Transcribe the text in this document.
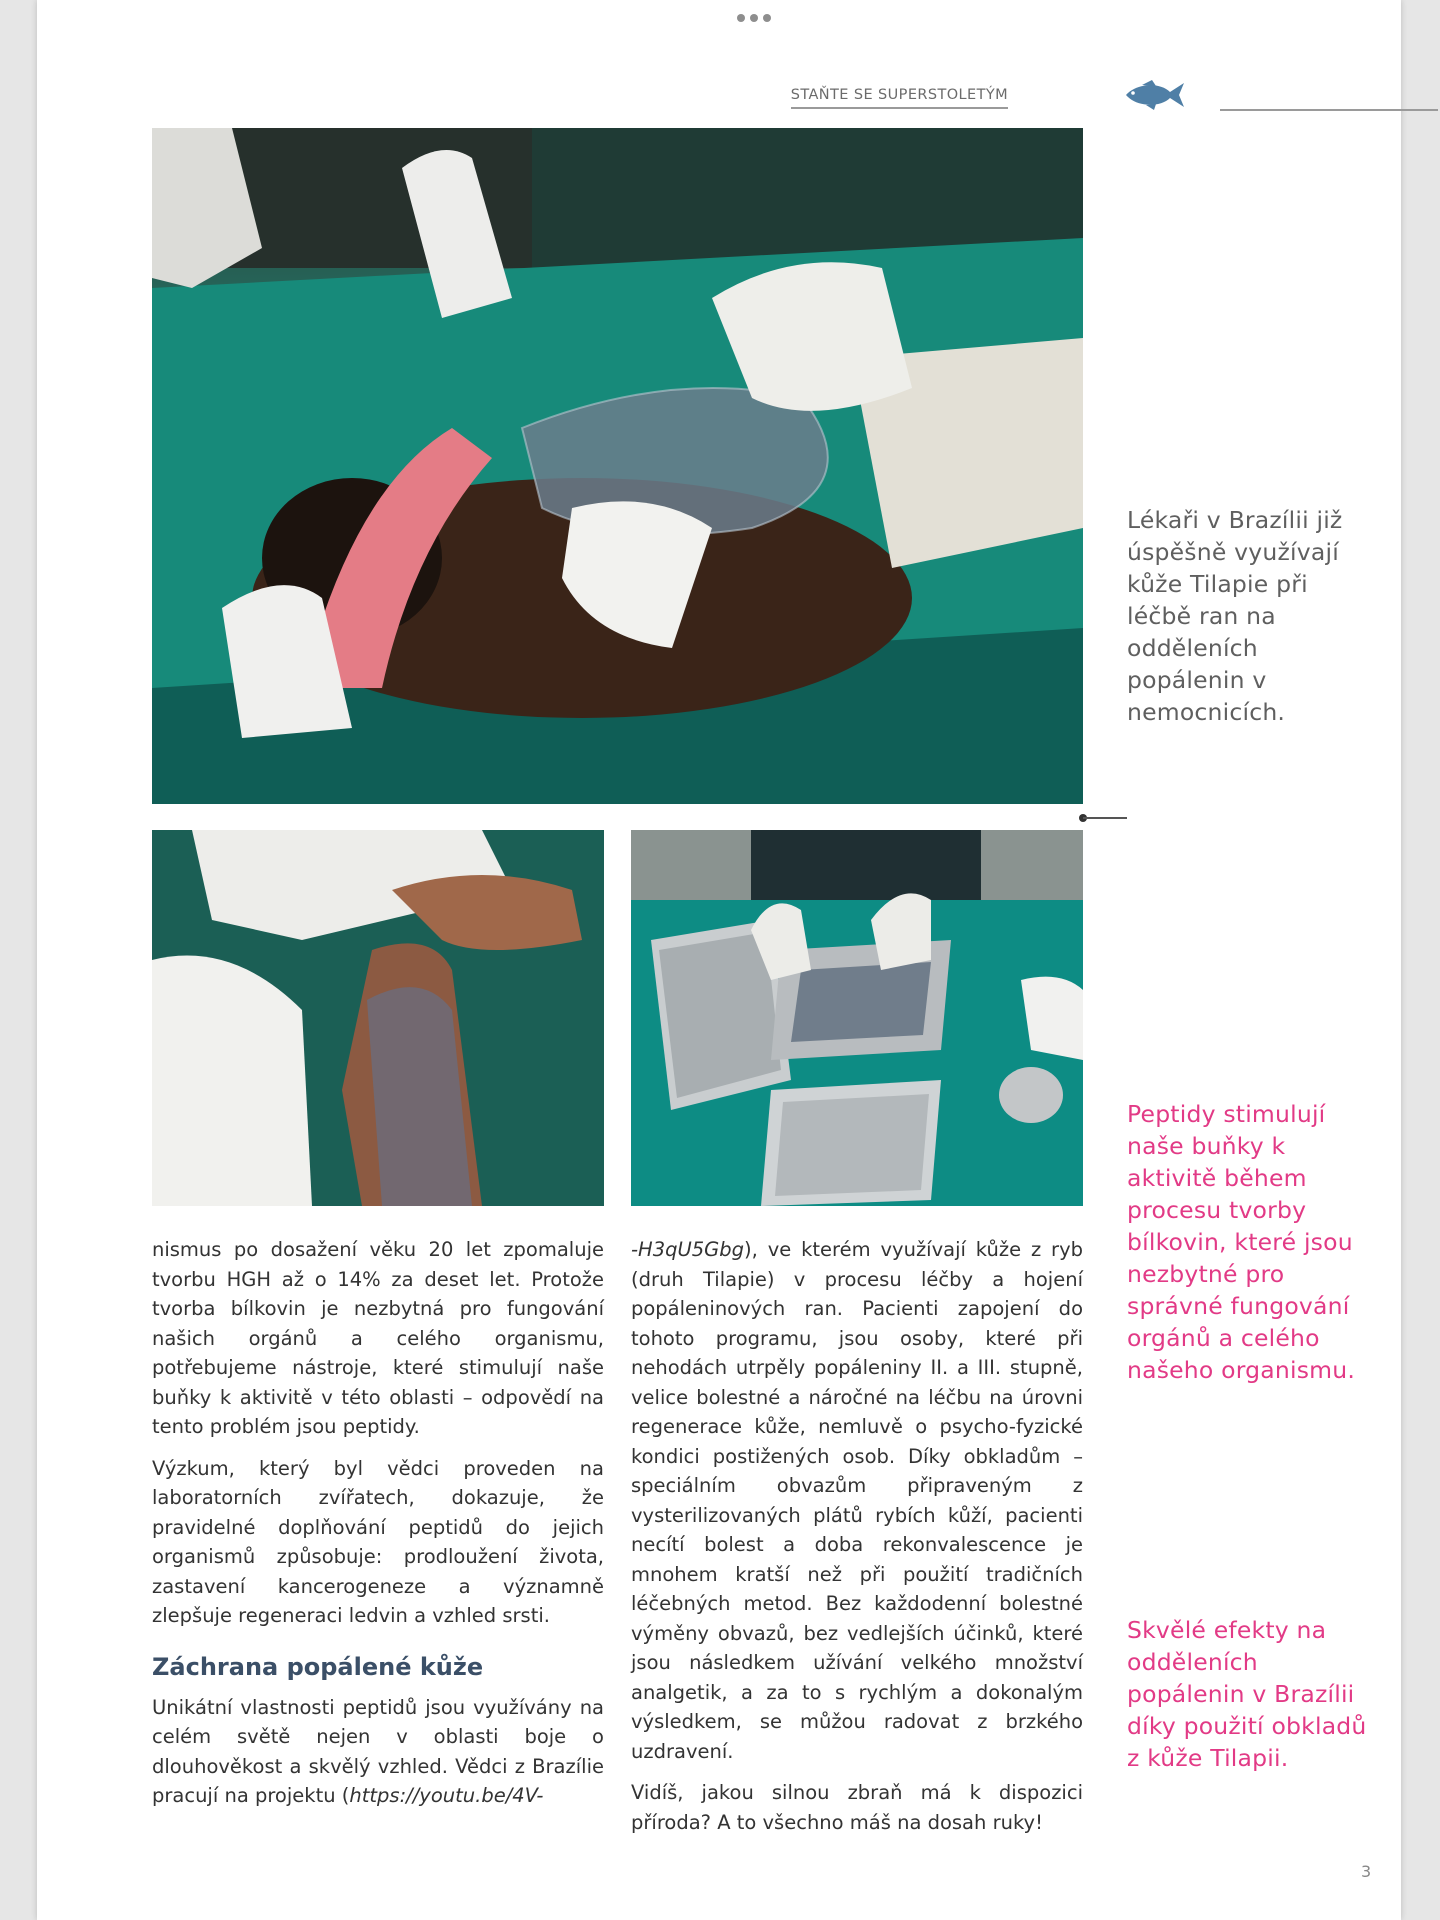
STAŇTE SE SUPERSTOLETÝM
Lékaři v Brazílii již úspěšně využívají kůže Tilapie při léčbě ran na odděleních popálenin v nemocnicích.
Peptidy stimulují naše buňky k aktivitě během procesu tvorby bílkovin, které jsou nezbytné pro správné fungování orgánů a celého našeho organismu.
Skvělé efekty na odděleních popálenin v Brazílii díky použití obkladů z kůže Tilapii.

nismus po dosažení věku 20 let zpomaluje tvorbu HGH až o 14% za deset let. Protože tvorba bílkovin je nezbytná pro fungování našich orgánů a celého organismu, potřebujeme nástroje, které stimulují naše buňky k aktivitě v této oblasti – odpovědí na tento problém jsou peptidy.

Výzkum, který byl vědci proveden na laboratorních zvířatech, dokazuje, že pravidelné doplňování peptidů do jejich organismů způsobuje: prodloužení života, zastavení kancerogeneze a významně zlepšuje regeneraci ledvin a vzhled srsti.

Záchrana popálené kůže

Unikátní vlastnosti peptidů jsou využívány na celém světě nejen v oblasti boje o dlouhověkost a skvělý vzhled. Vědci z Brazílie pracují na projektu (https://youtu.be/4V-

-H3qU5Gbg), ve kterém využívají kůže z ryb (druh Tilapie) v procesu léčby a hojení popáleninových ran. Pacienti zapojení do tohoto programu, jsou osoby, které při nehodách utrpěly popáleniny II. a III. stupně, velice bolestné a náročné na léčbu na úrovni regenerace kůže, nemluvě o psycho-fyzické kondici postižených osob. Díky obkladům – speciálním obvazům připraveným z vysterilizovaných plátů rybích kůží, pacienti necítí bolest a doba rekonvalescence je mnohem kratší než při použití tradičních léčebných metod. Bez každodenní bolestné výměny obvazů, bez vedlejších účinků, které jsou následkem užívání velkého množství analgetik, a za to s rychlým a dokonalým výsledkem, se můžou radovat z brzkého uzdravení.

Vidíš, jakou silnou zbraň má k dispozici příroda? A to všechno máš na dosah ruky!

3
